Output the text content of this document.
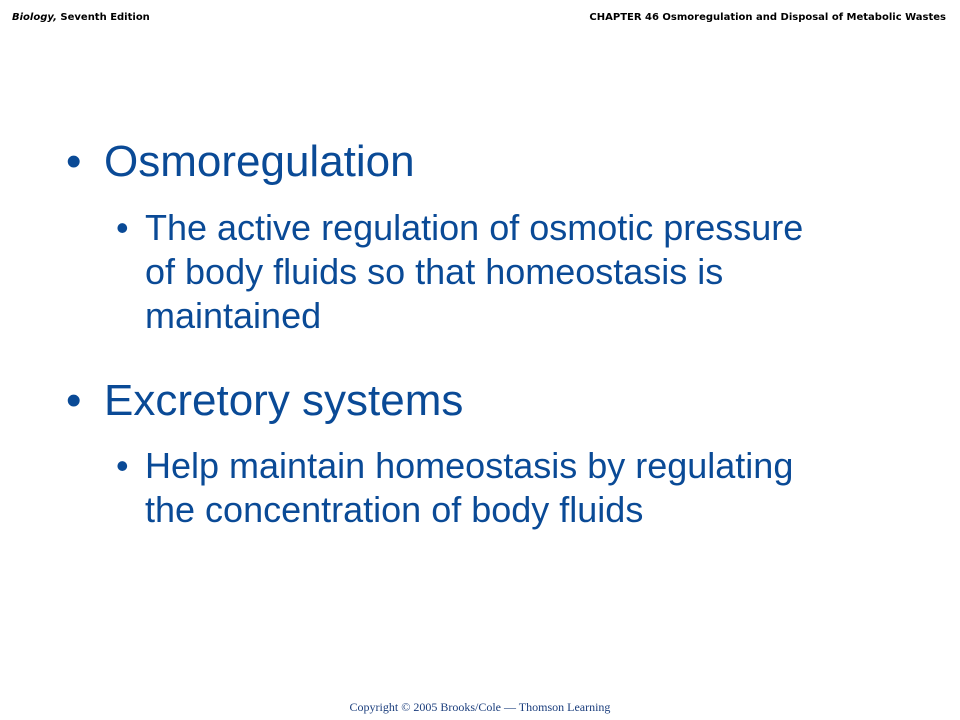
Biology, Seventh Edition	CHAPTER 46 Osmoregulation and Disposal of Metabolic Wastes
• Osmoregulation
• The active regulation of osmotic pressure of body fluids so that homeostasis is maintained
• Excretory systems
• Help maintain homeostasis by regulating the concentration of body fluids
Copyright © 2005 Brooks/Cole — Thomson Learning
